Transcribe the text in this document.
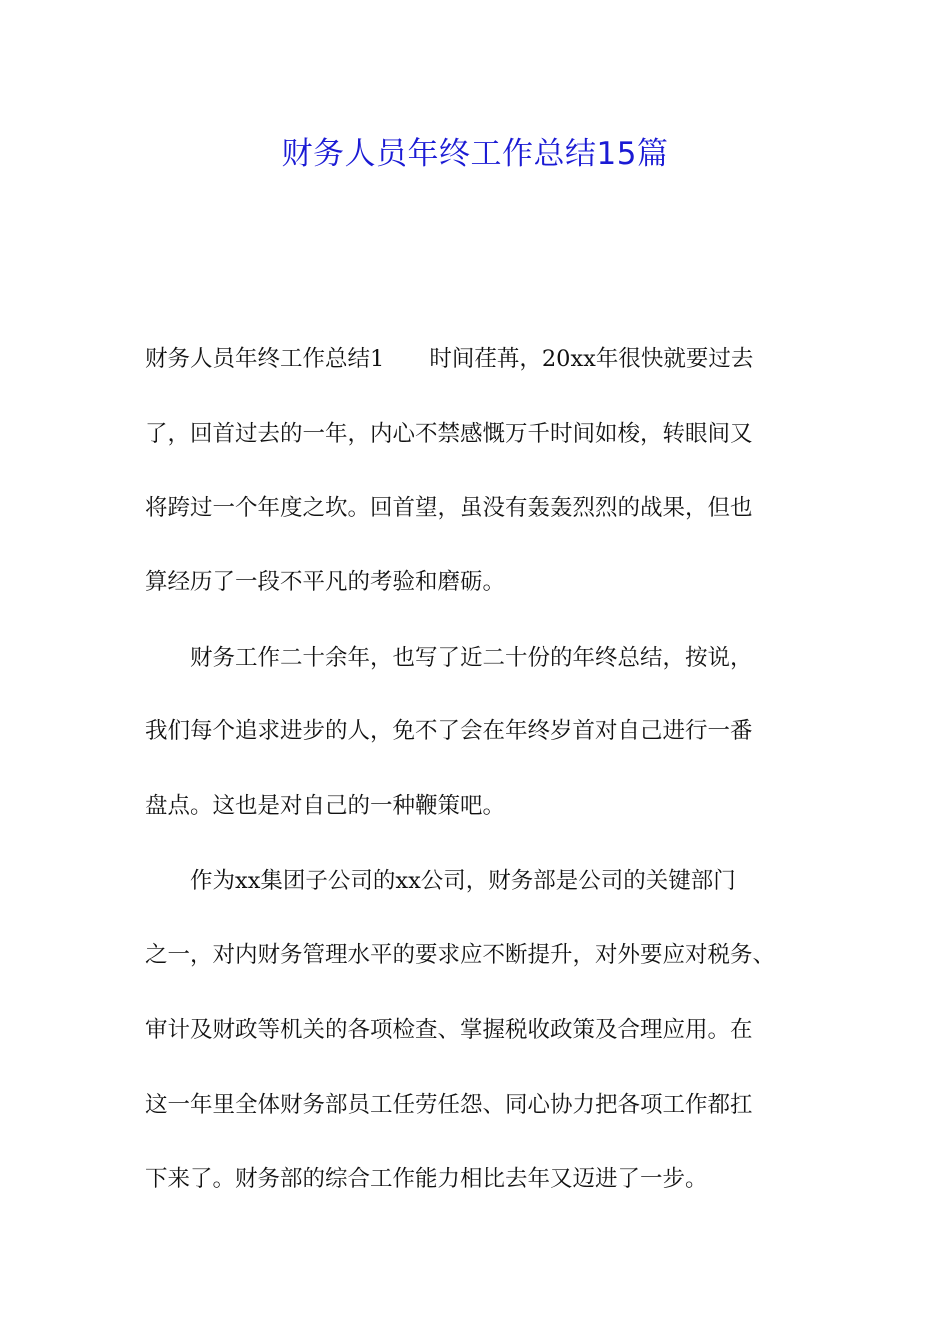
财务人员年终工作总结15篇

财务人员年终工作总结1　　时间荏苒，20xx年很快就要过去

了，回首过去的一年，内心不禁感慨万千时间如梭，转眼间又

将跨过一个年度之坎。回首望，虽没有轰轰烈烈的战果，但也

算经历了一段不平凡的考验和磨砺。

　　财务工作二十余年，也写了近二十份的年终总结，按说，

我们每个追求进步的人，免不了会在年终岁首对自己进行一番

盘点。这也是对自己的一种鞭策吧。

　　作为xx集团子公司的xx公司，财务部是公司的关键部门

之一，对内财务管理水平的要求应不断提升，对外要应对税务、

审计及财政等机关的各项检查、掌握税收政策及合理应用。在

这一年里全体财务部员工任劳任怨、同心协力把各项工作都扛

下来了。财务部的综合工作能力相比去年又迈进了一步。
